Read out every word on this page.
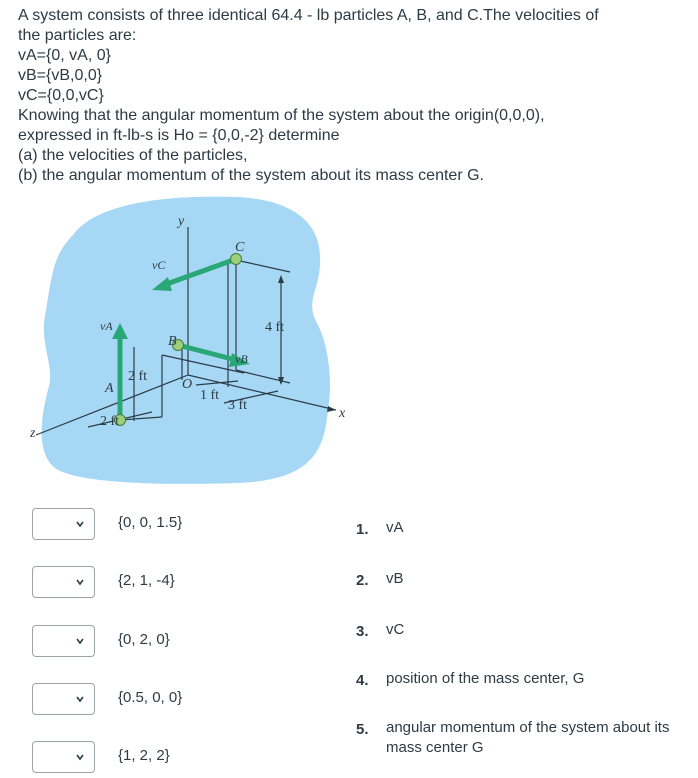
A system consists of three identical 64.4 - lb particles A, B, and C.The velocities of
the particles are:
vA={0, vA, 0}
vB={vB,0,0}
vC={0,0,vC}
Knowing that the angular momentum of the system about the origin(0,0,0),
expressed in ft-lb-s is Ho = {0,0,-2} determine
(a) the velocities of the particles,
(b) the angular momentum of the system about its mass center G.
y
x
z
A
B
C
O
vA
vB
vC
4 ft
2 ft
2 ft
1 ft
3 ft
{0, 0, 1.5}
{2, 1, -4}
{0, 2, 0}
{0.5, 0, 0}
{1, 2, 2}
1. vA
2. vB
3. vC
4. position of the mass center, G
5. angular momentum of the system about its mass center G
